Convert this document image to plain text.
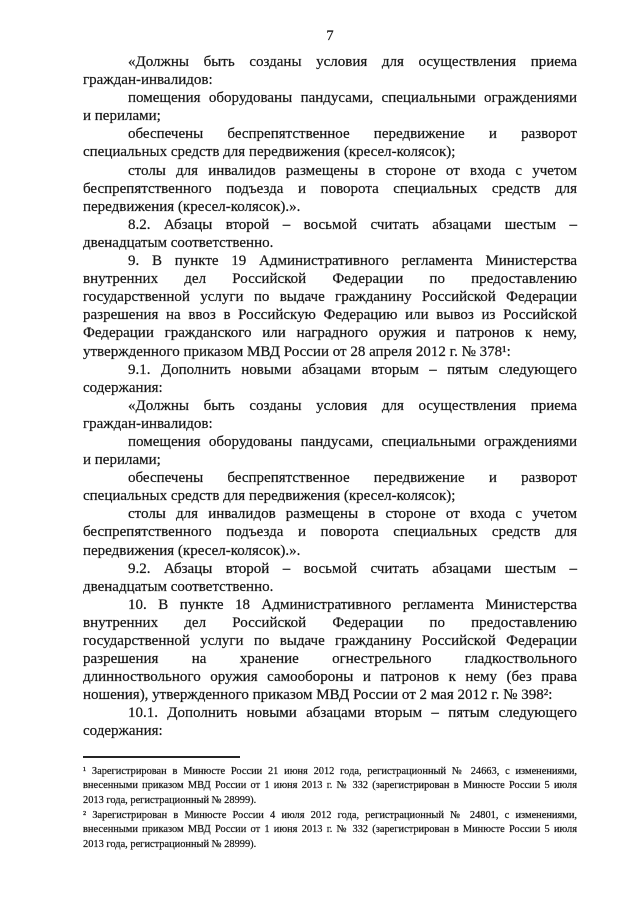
7
«Должны быть созданы условия для осуществления приема
граждан-инвалидов:
помещения оборудованы пандусами, специальными ограждениями
и перилами;
обеспечены беспрепятственное передвижение и разворот
специальных средств для передвижения (кресел-колясок);
столы для инвалидов размещены в стороне от входа с учетом
беспрепятственного подъезда и поворота специальных средств для
передвижения (кресел-колясок).».
8.2. Абзацы второй – восьмой считать абзацами шестым –
двенадцатым соответственно.
9. В пункте 19 Административного регламента Министерства
внутренних дел Российской Федерации по предоставлению
государственной услуги по выдаче гражданину Российской Федерации
разрешения на ввоз в Российскую Федерацию или вывоз из Российской
Федерации гражданского или наградного оружия и патронов к нему,
утвержденного приказом МВД России от 28 апреля 2012 г. № 378¹:
9.1. Дополнить новыми абзацами вторым – пятым следующего
содержания:
«Должны быть созданы условия для осуществления приема
граждан-инвалидов:
помещения оборудованы пандусами, специальными ограждениями
и перилами;
обеспечены беспрепятственное передвижение и разворот
специальных средств для передвижения (кресел-колясок);
столы для инвалидов размещены в стороне от входа с учетом
беспрепятственного подъезда и поворота специальных средств для
передвижения (кресел-колясок).».
9.2. Абзацы второй – восьмой считать абзацами шестым –
двенадцатым соответственно.
10. В пункте 18 Административного регламента Министерства
внутренних дел Российской Федерации по предоставлению
государственной услуги по выдаче гражданину Российской Федерации
разрешения на хранение огнестрельного гладкоствольного
длинноствольного оружия самообороны и патронов к нему (без права
ношения), утвержденного приказом МВД России от 2 мая 2012 г. № 398²:
10.1. Дополнить новыми абзацами вторым – пятым следующего
содержания:
¹ Зарегистрирован в Минюсте России 21 июня 2012 года, регистрационный № 24663, с изменениями,
внесенными приказом МВД России от 1 июня 2013 г. № 332 (зарегистрирован в Минюсте России 5 июля
2013 года, регистрационный № 28999).
² Зарегистрирован в Минюсте России 4 июля 2012 года, регистрационный № 24801, с изменениями,
внесенными приказом МВД России от 1 июня 2013 г. № 332 (зарегистрирован в Минюсте России 5 июля
2013 года, регистрационный № 28999).
